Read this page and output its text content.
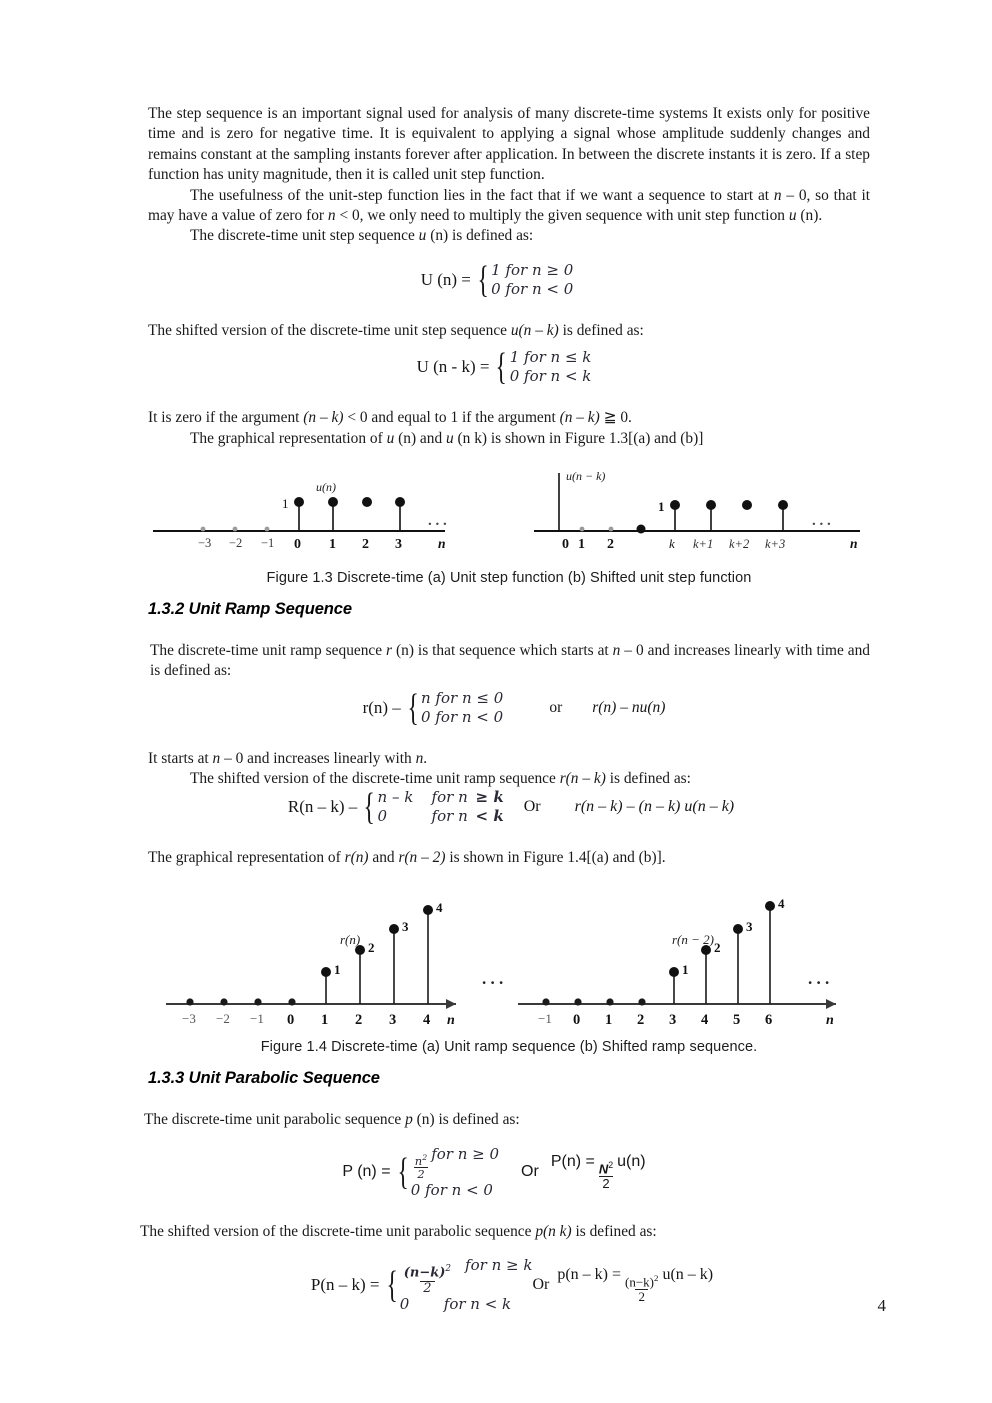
The step sequence is an important signal used for analysis of many discrete-time systems It exists only for positive time and is zero for negative time. It is equivalent to applying a signal whose amplitude suddenly changes and remains constant at the sampling instants forever after application. In between the discrete instants it is zero. If a step function has unity magnitude, then it is called unit step function.

The usefulness of the unit-step function lies in the fact that if we want a sequence to start at n – 0, so that it may have a value of zero for n < 0, we only need to multiply the given sequence with unit step function u (n).

The discrete-time unit step sequence u (n) is defined as:

U (n) = { 1 for n ≥ 0
0 for n < 0

The shifted version of the discrete-time unit step sequence u(n – k) is defined as:

U (n - k) = { 1 for n ≤ k
0 for n < k

It is zero if the argument (n – k) < 0 and equal to 1 if the argument (n – k) ≧ 0.

The graphical representation of u (n) and u (n k) is shown in Figure 1.3[(a) and (b)]

1
u(n)
. . .
−3 −2 −1 0 1 2 3	n
u(n − k)
1
. . .
0 1 2	k k+1 k+2 k+3	n
Figure 1.3 Discrete-time (a) Unit step function (b) Shifted unit step function
1.3.2 Unit Ramp Sequence

The discrete-time unit ramp sequence r (n) is that sequence which starts at n – 0 and increases linearly with time and is defined as:

r(n) – { n for n ≤ 0
0 for n < 0
or r(n) – nu(n)

It starts at n – 0 and increases linearly with n.

The shifted version of the discrete-time unit ramp sequence r(n – k) is defined as:

R(n – k) – { n – k for n ≥ k
0	for n < k
Or r(n – k) – (n – k) u(n – k)

The graphical representation of r(n) and r(n – 2) is shown in Figure 1.4[(a) and (b)].

1
2
3
4
r(n)
. . .
−3 −2 −1 0 1 2 3 4 n
1
2
3
4
r(n − 2)
. . .
−1 0 1 2 3 4 5 6	n
Figure 1.4 Discrete-time (a) Unit ramp sequence (b) Shifted ramp sequence.
1.3.3 Unit Parabolic Sequence

The discrete-time unit parabolic sequence p (n) is defined as:

P (n) = { $\frac{n^2}{2}$
for n ≥ 0
0 for n < 0
Or
$P(n) = \frac{N^2}{2} u(n)$

The shifted version of the discrete-time unit parabolic sequence p(n k) is defined as:

P(n – k) = { $\frac{(n-k)^2}{2}$
for n ≥ k
0 for n < k
Or
$p(n - k) = \frac{(n-k)^2}{2} u(n - k)$
4
